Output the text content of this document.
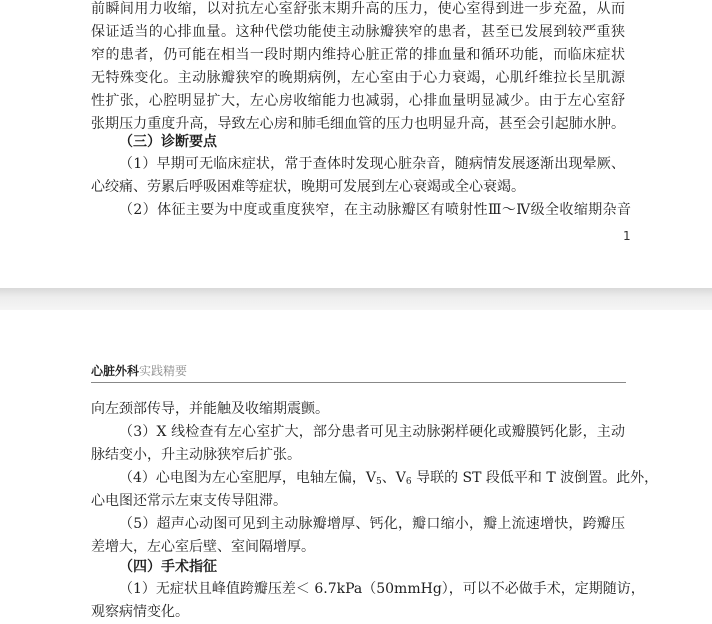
前瞬间用力收缩，以对抗左心室舒张末期升高的压力，使心室得到进一步充盈，从而
保证适当的心排血量。这种代偿功能使主动脉瓣狭窄的患者，甚至已发展到较严重狭
窄的患者，仍可能在相当一段时期内维持心脏正常的排血量和循环功能，而临床症状
无特殊变化。主动脉瓣狭窄的晚期病例，左心室由于心力衰竭，心肌纤维拉长呈肌源
性扩张，心腔明显扩大，左心房收缩能力也减弱，心排血量明显减少。由于左心室舒
张期压力重度升高，导致左心房和肺毛细血管的压力也明显升高，甚至会引起肺水肿。
（三）诊断要点
（1）早期可无临床症状，常于查体时发现心脏杂音，随病情发展逐渐出现晕厥、
心绞痛、劳累后呼吸困难等症状，晚期可发展到左心衰竭或全心衰竭。
（2）体征主要为中度或重度狭窄，在主动脉瓣区有喷射性Ⅲ～Ⅳ级全收缩期杂音
1
心脏外科实践精要
向左颈部传导，并能触及收缩期震颤。
（3）X 线检查有左心室扩大，部分患者可见主动脉粥样硬化或瓣膜钙化影，主动
脉结变小，升主动脉狭窄后扩张。
（4）心电图为左心室肥厚，电轴左偏，$V_5$、$V_6$ 导联的 ST 段低平和 T 波倒置。此外，
心电图还常示左束支传导阻滞。
（5）超声心动图可见到主动脉瓣增厚、钙化，瓣口缩小，瓣上流速增快，跨瓣压
差增大，左心室后壁、室间隔增厚。
（四）手术指征
（1）无症状且峰值跨瓣压差＜ 6.7kPa（50mmHg），可以不必做手术，定期随访，
观察病情变化。
